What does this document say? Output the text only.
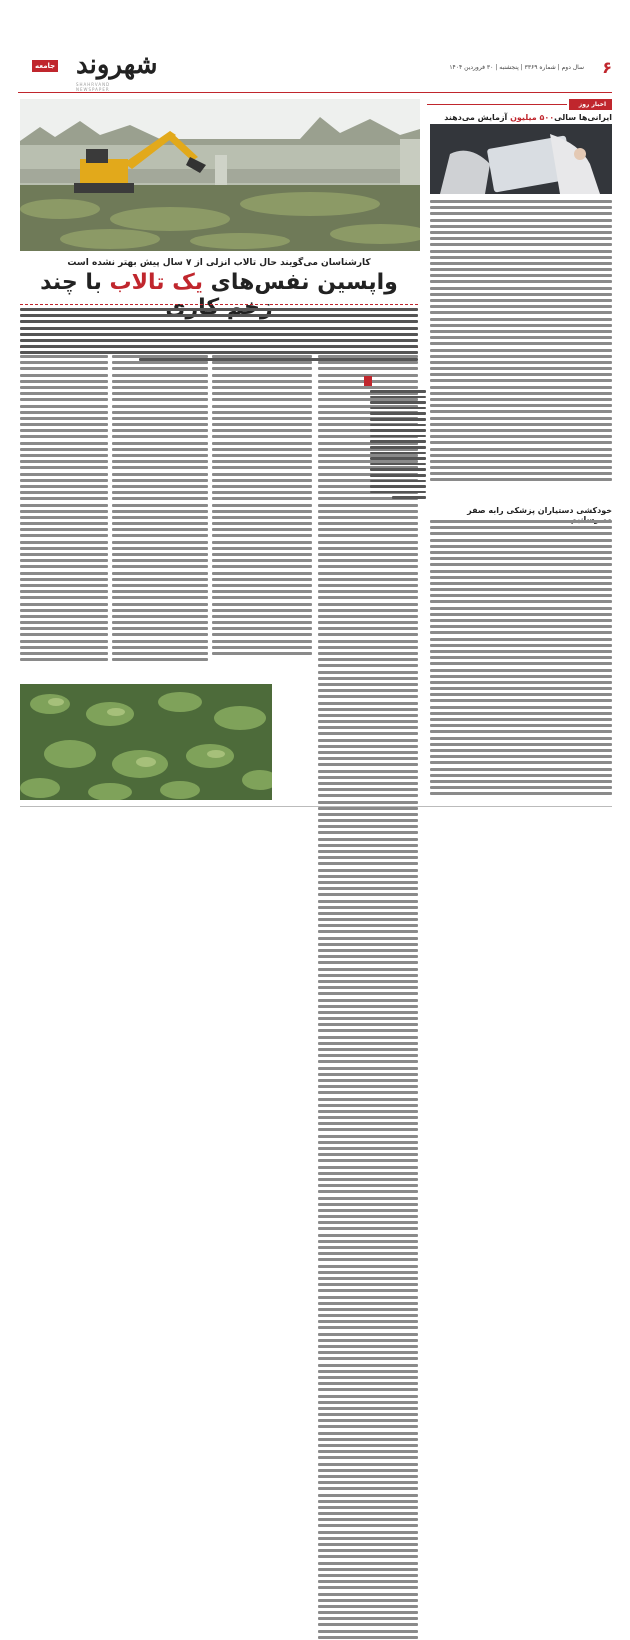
۶
سال دوم | شماره ۳۳۶۹ | پنجشنبه | ۳۰ فروردین ۱۴۰۴
شهروند
جامعه
SHAHRVAND NEWSPAPER
کارشناسان می‌گویند حال تالاب انزلی از ۷ سال پیش بهتر نشده است
واپسین نفس‌های یک تالاب با چند
اخبار روز
ایرانی‌ها سالی۵۰۰ میلیون آزمایش می‌دهند
خودکشی دستیاران پزشکی رابه صفر
